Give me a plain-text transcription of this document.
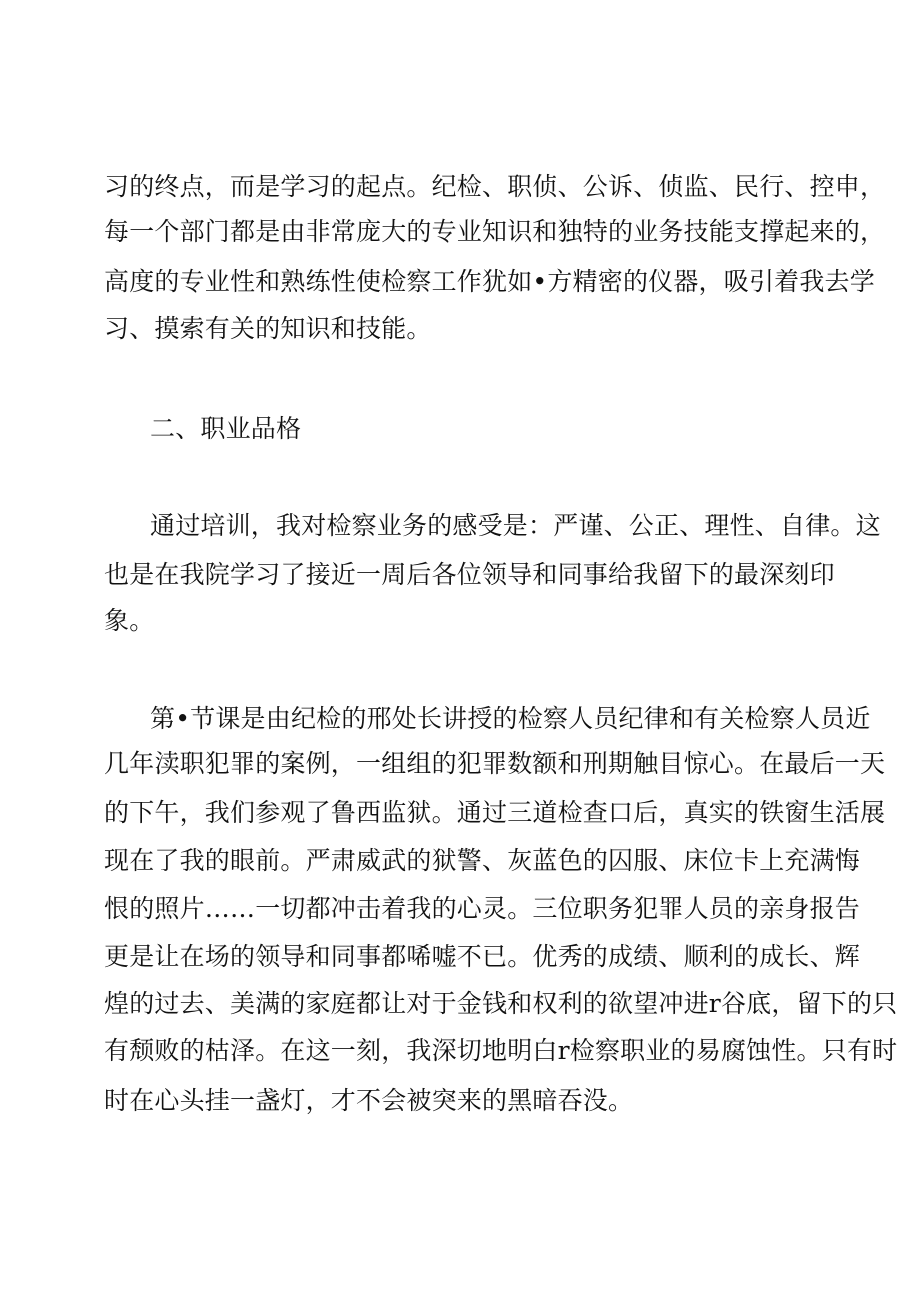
习的终点，而是学习的起点。纪检、职侦、公诉、侦监、民行、控申，
每一个部门都是由非常庞大的专业知识和独特的业务技能支撑起来的，
高度的专业性和熟练性使检察工作犹如•方精密的仪器，吸引着我去学
习、摸索有关的知识和技能。
二、职业品格
通过培训，我对检察业务的感受是：严谨、公正、理性、自律。这
也是在我院学习了接近一周后各位领导和同事给我留下的最深刻印
象。
第•节课是由纪检的邢处长讲授的检察人员纪律和有关检察人员近
几年渎职犯罪的案例，一组组的犯罪数额和刑期触目惊心。在最后一天
的下午，我们参观了鲁西监狱。通过三道检查口后，真实的铁窗生活展
现在了我的眼前。严肃威武的狱警、灰蓝色的囚服、床位卡上充满悔
恨的照片……一切都冲击着我的心灵。三位职务犯罪人员的亲身报告
更是让在场的领导和同事都唏嘘不已。优秀的成绩、顺利的成长、辉
煌的过去、美满的家庭都让对于金钱和权利的欲望冲进r谷底，留下的只
有颓败的枯泽。在这一刻，我深切地明白r检察职业的易腐蚀性。只有时
时在心头挂一盏灯，才不会被突来的黑暗吞没。
